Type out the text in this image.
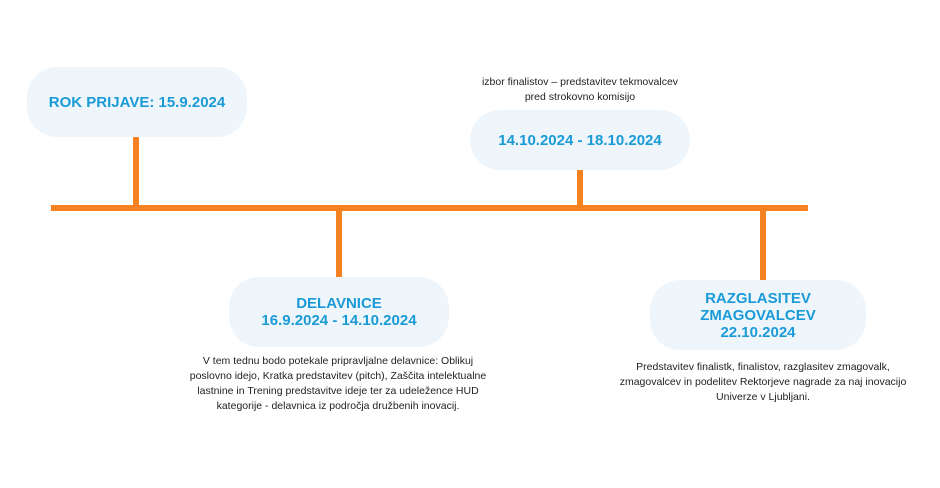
ROK PRIJAVE: 15.9.2024
DELAVNICE
16.9.2024 - 14.10.2024
V tem tednu bodo potekale pripravljalne delavnice: Oblikuj poslovno idejo, Kratka predstavitev (pitch), Zaščita intelektualne lastnine in Trening predstavitve ideje ter za udeležence HUD kategorije - delavnica iz področja družbenih inovacij.
izbor finalistov – predstavitev tekmovalcev pred strokovno komisijo
14.10.2024 - 18.10.2024
RAZGLASITEV
ZMAGOVALCEV
22.10.2024
Predstavitev finalistk, finalistov, razglasitev zmagovalk, zmagovalcev in podelitev Rektorjeve nagrade za naj inovacijo Univerze v Ljubljani.
